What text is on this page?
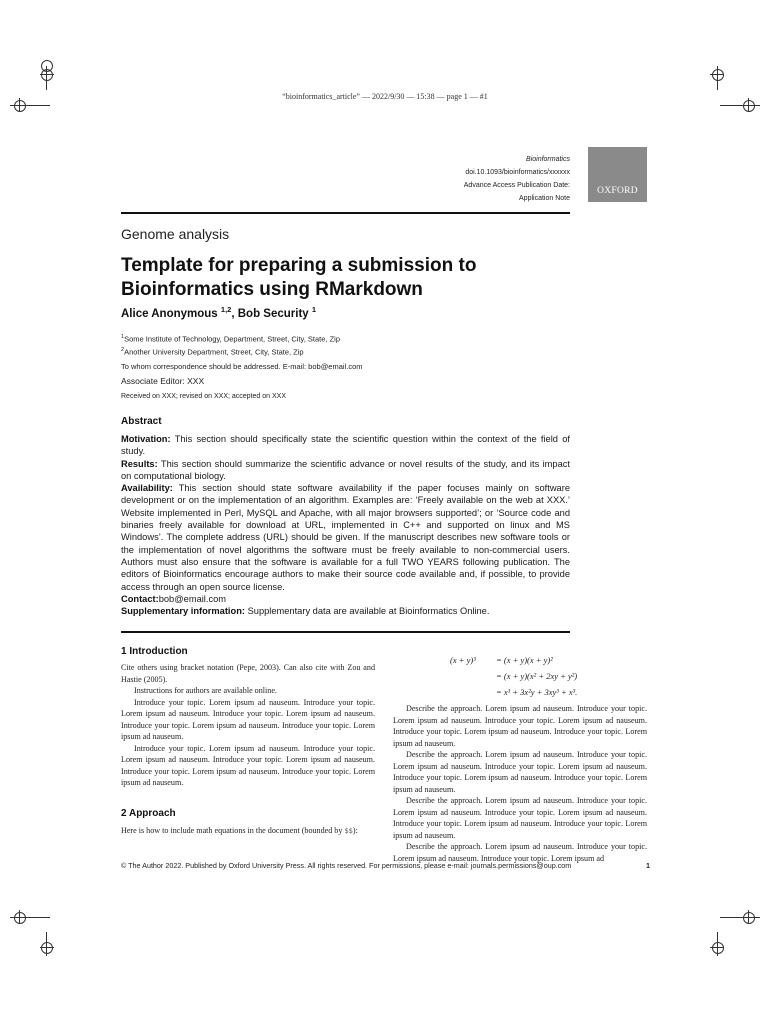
“bioinformatics_article” — 2022/9/30 — 15:38 — page 1 — #1
Bioinformatics
doi.10.1093/bioinformatics/xxxxxx
Advance Access Publication Date:
Application Note
OXFORD
Genome analysis
Template for preparing a submission to
Bioinformatics using RMarkdown
Alice Anonymous $^{1,2}$, Bob Security $^1$
$^1$Some Institute of Technology, Department, Street, City, State, Zip
$^2$Another University Department, Street, City, State, Zip
To whom correspondence should be addressed. E-mail: bob@email.com
Associate Editor: XXX
Received on XXX; revised on XXX; accepted on XXX
Abstract

Motivation: This section should specifically state the scientific question within the context of the field of study.

Results: This section should summarize the scientific advance or novel results of the study, and its impact on computational biology.

Availability: This section should state software availability if the paper focuses mainly on software development or on the implementation of an algorithm. Examples are: ‘Freely available on the web at XXX.’ Website implemented in Perl, MySQL and Apache, with all major browsers supported’; or ‘Source code and binaries freely available for download at URL, implemented in C++ and supported on linux and MS Windows’. The complete address (URL) should be given. If the manuscript describes new software tools or the implementation of novel algorithms the software must be freely available to non-commercial users. Authors must also ensure that the software is available for a full TWO YEARS following publication. The editors of Bioinformatics encourage authors to make their source code available and, if possible, to provide access through an open source license.

Contact:bob@email.com

Supplementary information: Supplementary data are available at Bioinformatics Online.

1 Introduction

Cite others using bracket notation (Pepe, 2003). Can also cite with Zou and Hastie (2005).

Instructions for authors are available online.

Introduce your topic. Lorem ipsum ad nauseum. Introduce your topic. Lorem ipsum ad nauseum. Introduce your topic. Lorem ipsum ad nauseum. Introduce your topic. Lorem ipsum ad nauseum. Introduce your topic. Lorem ipsum ad nauseum.

Introduce your topic. Lorem ipsum ad nauseum. Introduce your topic. Lorem ipsum ad nauseum. Introduce your topic. Lorem ipsum ad nauseum. Introduce your topic. Lorem ipsum ad nauseum. Introduce your topic. Lorem ipsum ad nauseum.

2 Approach

Here is how to include math equations in the document (bounded by $$):

(x + y)³ = (x + y)(x + y)²
= (x + y)(x² + 2xy + y²)
= x³ + 3x²y + 3xy³ + x³.

Describe the approach. Lorem ipsum ad nauseum. Introduce your topic. Lorem ipsum ad nauseum. Introduce your topic. Lorem ipsum ad nauseum. Introduce your topic. Lorem ipsum ad nauseum. Introduce your topic. Lorem ipsum ad nauseum.

Describe the approach. Lorem ipsum ad nauseum. Introduce your topic. Lorem ipsum ad nauseum. Introduce your topic. Lorem ipsum ad nauseum. Introduce your topic. Lorem ipsum ad nauseum. Introduce your topic. Lorem ipsum ad nauseum.

Describe the approach. Lorem ipsum ad nauseum. Introduce your topic. Lorem ipsum ad nauseum. Introduce your topic. Lorem ipsum ad nauseum. Introduce your topic. Lorem ipsum ad nauseum. Introduce your topic. Lorem ipsum ad nauseum.

Describe the approach. Lorem ipsum ad nauseum. Introduce your topic. Lorem ipsum ad nauseum. Introduce your topic. Lorem ipsum ad

© The Author 2022. Published by Oxford University Press. All rights reserved. For permissions, please e-mail: journals.permissions@oup.com	1
